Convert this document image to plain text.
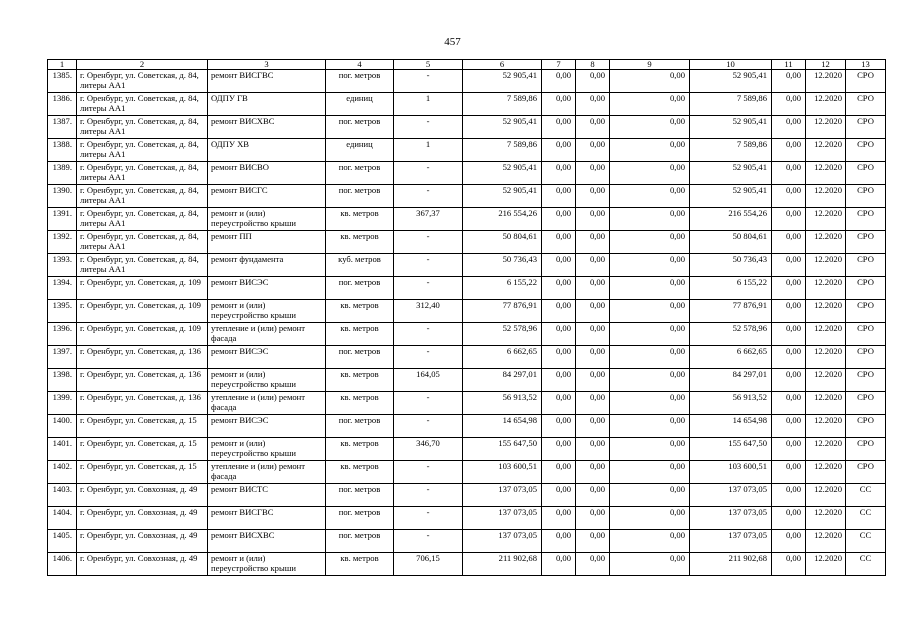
457
1	2	3	4	5	6	7	8	9	10	11	12	13
1385.	г. Оренбург, ул. Советская, д. 84, литеры АА1	ремонт ВИСГВС	пог. метров	-	52 905,41	0,00	0,00	0,00	52 905,41	0,00	12.2020	СРО
1386.	г. Оренбург, ул. Советская, д. 84, литеры АА1	ОДПУ ГВ	единиц	1	7 589,86	0,00	0,00	0,00	7 589,86	0,00	12.2020	СРО
1387.	г. Оренбург, ул. Советская, д. 84, литеры АА1	ремонт ВИСХВС	пог. метров	-	52 905,41	0,00	0,00	0,00	52 905,41	0,00	12.2020	СРО
1388.	г. Оренбург, ул. Советская, д. 84, литеры АА1	ОДПУ ХВ	единиц	1	7 589,86	0,00	0,00	0,00	7 589,86	0,00	12.2020	СРО
1389.	г. Оренбург, ул. Советская, д. 84, литеры АА1	ремонт ВИСВО	пог. метров	-	52 905,41	0,00	0,00	0,00	52 905,41	0,00	12.2020	СРО
1390.	г. Оренбург, ул. Советская, д. 84, литеры АА1	ремонт ВИСГС	пог. метров	-	52 905,41	0,00	0,00	0,00	52 905,41	0,00	12.2020	СРО
1391.	г. Оренбург, ул. Советская, д. 84, литеры АА1	ремонт и (или) переустройство крыши	кв. метров	367,37	216 554,26	0,00	0,00	0,00	216 554,26	0,00	12.2020	СРО
1392.	г. Оренбург, ул. Советская, д. 84, литеры АА1	ремонт ПП	кв. метров	-	50 804,61	0,00	0,00	0,00	50 804,61	0,00	12.2020	СРО
1393.	г. Оренбург, ул. Советская, д. 84, литеры АА1	ремонт фундамента	куб. метров	-	50 736,43	0,00	0,00	0,00	50 736,43	0,00	12.2020	СРО
1394.	г. Оренбург, ул. Советская, д. 109	ремонт ВИСЭС	пог. метров	-	6 155,22	0,00	0,00	0,00	6 155,22	0,00	12.2020	СРО
1395.	г. Оренбург, ул. Советская, д. 109	ремонт и (или) переустройство крыши	кв. метров	312,40	77 876,91	0,00	0,00	0,00	77 876,91	0,00	12.2020	СРО
1396.	г. Оренбург, ул. Советская, д. 109	утепление и (или) ремонт фасада	кв. метров	-	52 578,96	0,00	0,00	0,00	52 578,96	0,00	12.2020	СРО
1397.	г. Оренбург, ул. Советская, д. 136	ремонт ВИСЭС	пог. метров	-	6 662,65	0,00	0,00	0,00	6 662,65	0,00	12.2020	СРО
1398.	г. Оренбург, ул. Советская, д. 136	ремонт и (или) переустройство крыши	кв. метров	164,05	84 297,01	0,00	0,00	0,00	84 297,01	0,00	12.2020	СРО
1399.	г. Оренбург, ул. Советская, д. 136	утепление и (или) ремонт фасада	кв. метров	-	56 913,52	0,00	0,00	0,00	56 913,52	0,00	12.2020	СРО
1400.	г. Оренбург, ул. Советская, д. 15	ремонт ВИСЭС	пог. метров	-	14 654,98	0,00	0,00	0,00	14 654,98	0,00	12.2020	СРО
1401.	г. Оренбург, ул. Советская, д. 15	ремонт и (или) переустройство крыши	кв. метров	346,70	155 647,50	0,00	0,00	0,00	155 647,50	0,00	12.2020	СРО
1402.	г. Оренбург, ул. Советская, д. 15	утепление и (или) ремонт фасада	кв. метров	-	103 600,51	0,00	0,00	0,00	103 600,51	0,00	12.2020	СРО
1403.	г. Оренбург, ул. Совхозная, д. 49	ремонт ВИСТС	пог. метров	-	137 073,05	0,00	0,00	0,00	137 073,05	0,00	12.2020	СС
1404.	г. Оренбург, ул. Совхозная, д. 49	ремонт ВИСГВС	пог. метров	-	137 073,05	0,00	0,00	0,00	137 073,05	0,00	12.2020	СС
1405.	г. Оренбург, ул. Совхозная, д. 49	ремонт ВИСХВС	пог. метров	-	137 073,05	0,00	0,00	0,00	137 073,05	0,00	12.2020	СС
1406.	г. Оренбург, ул. Совхозная, д. 49	ремонт и (или) переустройство крыши	кв. метров	706,15	211 902,68	0,00	0,00	0,00	211 902,68	0,00	12.2020	СС
